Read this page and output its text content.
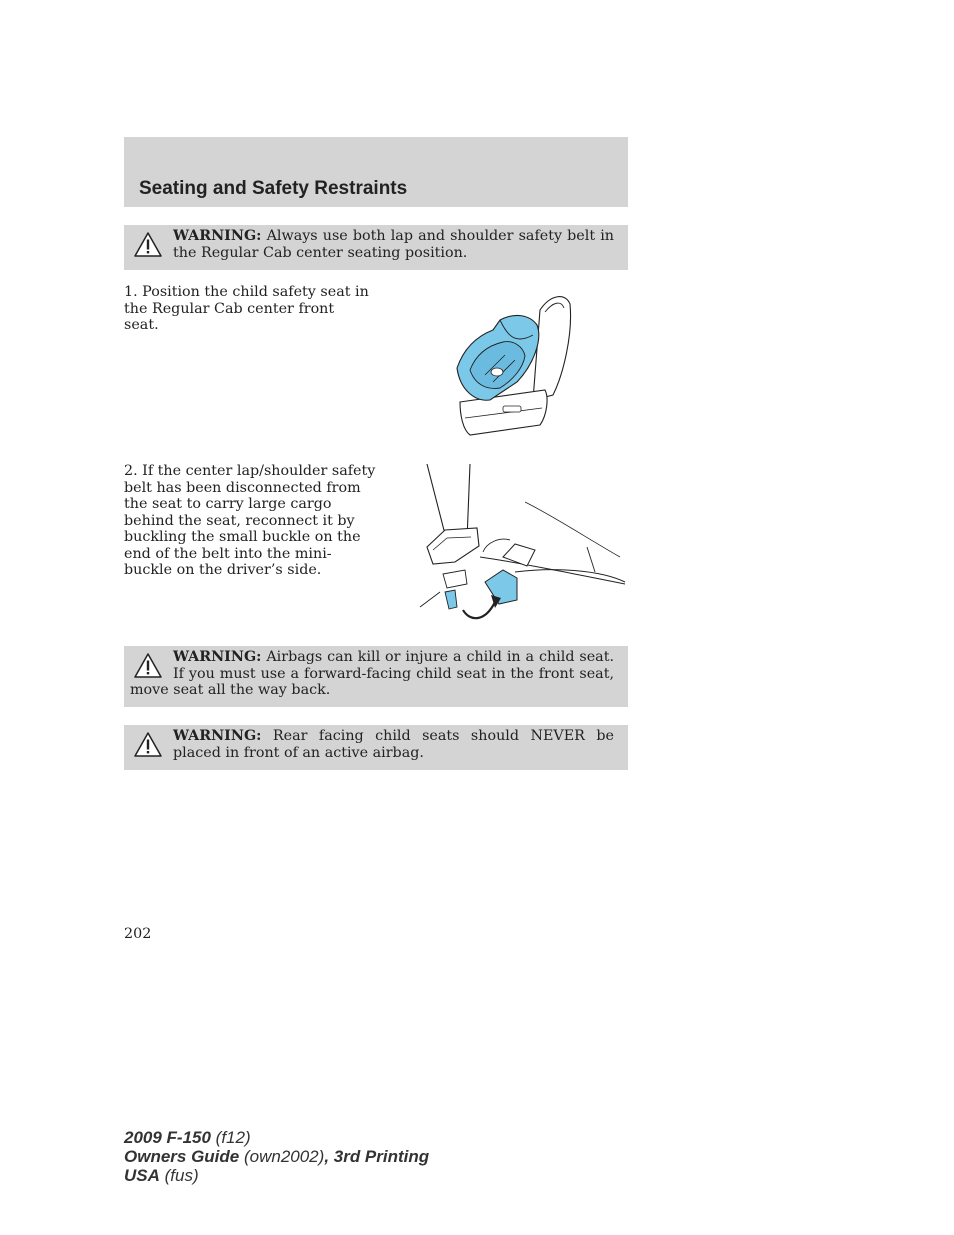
Seating and Safety Restraints
WARNING: Always use both lap and shoulder safety belt in the Regular Cab center seating position.

1. Position the child safety seat in the Regular Cab center front seat.

2. If the center lap/shoulder safety belt has been disconnected from the seat to carry large cargo behind the seat, reconnect it by buckling the small buckle on the end of the belt into the mini-buckle on the driver’s side.

WARNING: Airbags can kill or injure a child in a child seat. If you must use a forward-facing child seat in the front seat, move seat all the way back.
WARNING: Rear facing child seats should NEVER be placed in front of an active airbag.
202
2009 F-150 (f12)
Owners Guide (own2002), 3rd Printing
USA (fus)
